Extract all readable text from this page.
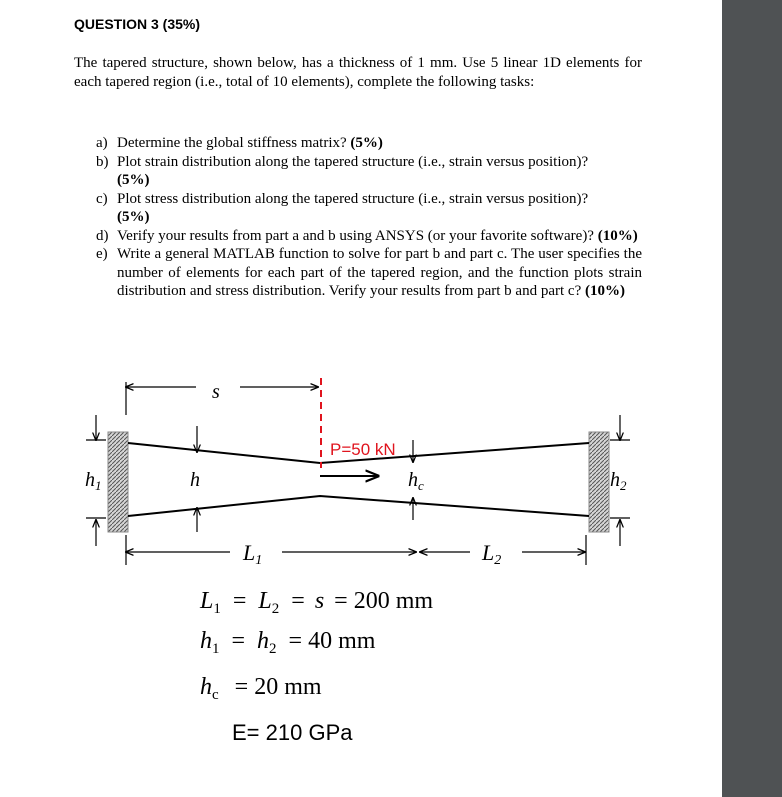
QUESTION 3 (35%)
The tapered structure, shown below, has a thickness of 1 mm. Use 5 linear 1D elements for each tapered region (i.e., total of 10 elements), complete the following tasks:
a) Determine the global stiffness matrix? (5%)
b) Plot strain distribution along the tapered structure (i.e., strain versus position)?
(5%)
c) Plot stress distribution along the tapered structure (i.e., strain versus position)?
(5%)
d) Verify your results from part a and b using ANSYS (or your favorite software)? (10%)
e) Write a general MATLAB function to solve for part b and part c. The user specifies the number of elements for each part of the tapered region, and the function plots strain distribution and stress distribution. Verify your results from part b and part c? (10%)
s
$h_1$	h
P=50 kN
$h_c$	$h_2$
L1	L2
$L_1 = L_2 = s = 200$ mm
$h_1 = h_2 = 40$ mm
$h_c = 20$ mm
E= 210 GPa
